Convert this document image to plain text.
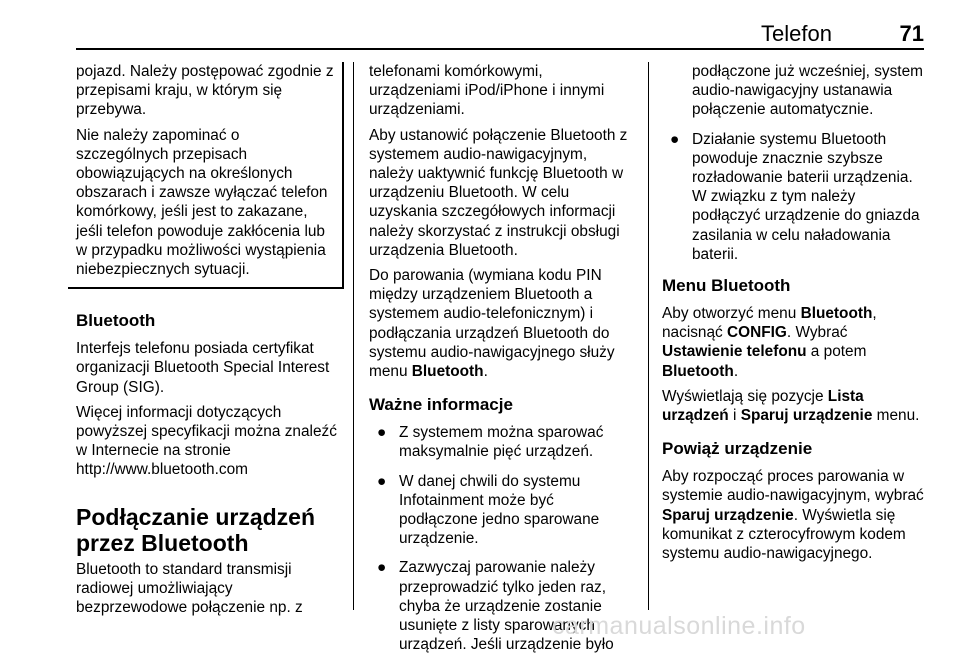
Telefon	71

pojazd. Należy postępować zgodnie z przepisami kraju, w którym się przebywa.

Nie należy zapominać o szczególnych przepisach obowiązujących na określonych obszarach i zawsze wyłączać telefon komórkowy, jeśli jest to zakazane, jeśli telefon powoduje zakłócenia lub w przypadku możliwości wystąpienia niebezpiecznych sytuacji.

Bluetooth

Interfejs telefonu posiada certyfikat organizacji Bluetooth Special Interest Group (SIG).

Więcej informacji dotyczących powyższej specyfikacji można znaleźć w Internecie na stronie http://www.bluetooth.com

Podłączanie urządzeń
przez Bluetooth

Bluetooth to standard transmisji radiowej umożliwiający bezprzewodowe połączenie np. z

telefonami komórkowymi, urządzeniami iPod/iPhone i innymi urządzeniami.

Aby ustanowić połączenie Bluetooth z systemem audio-nawigacyjnym, należy uaktywnić funkcję Bluetooth w urządzeniu Bluetooth. W celu uzyskania szczegółowych informacji należy skorzystać z instrukcji obsługi urządzenia Bluetooth.

Do parowania (wymiana kodu PIN między urządzeniem Bluetooth a systemem audio-telefonicznym) i podłączania urządzeń Bluetooth do systemu audio-nawigacyjnego służy menu Bluetooth.

Ważne informacje
● Z systemem można sparować maksymalnie pięć urządzeń.
● W danej chwili do systemu Infotainment może być podłączone jedno sparowane urządzenie.
● Zazwyczaj parowanie należy przeprowadzić tylko jeden raz, chyba że urządzenie zostanie usunięte z listy sparowanych urządzeń. Jeśli urządzenie było
podłączone już wcześniej, system audio-nawigacyjny ustanawia połączenie automatycznie.
● Działanie systemu Bluetooth powoduje znacznie szybsze rozładowanie baterii urządzenia. W związku z tym należy podłączyć urządzenie do gniazda zasilania w celu naładowania baterii.
Menu Bluetooth

Aby otworzyć menu Bluetooth, nacisnąć CONFIG. Wybrać Ustawienie telefonu a potem Bluetooth.

Wyświetlają się pozycje Lista urządzeń i Sparuj urządzenie menu.

Powiąż urządzenie

Aby rozpocząć proces parowania w systemie audio-nawigacyjnym, wybrać Sparuj urządzenie. Wyświetla się komunikat z czterocyfrowym kodem systemu audio-nawigacyjnego.

carmanualsonline.info
